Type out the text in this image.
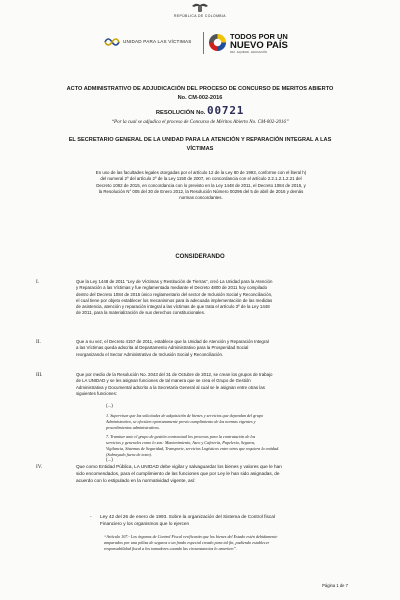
REPÚBLICA DE COLOMBIA
UNIDAD PARA LAS VÍCTIMAS
TODOS POR UN
NUEVO PAÍS
PAZ · EQUIDAD · EDUCACIÓN
ACTO ADMINISTRATIVO DE ADJUDICACIÓN DEL PROCESO DE CONCURSO DE MERITOS ABIERTO
No. CM-002-2016
RESOLUCIÓN No. 00721
“Por la cual se adjudica el proceso de Concurso de Méritos Abierto No. CM-002-2016”
EL SECRETARIO GENERAL DE LA UNIDAD PARA LA ATENCIÓN Y REPARACIÓN INTEGRAL A LAS
VÍCTIMAS
En uso de las facultades legales otorgadas por el artículo 12 de la Ley 80 de 1993, conforme con el literal h)
del numeral 2º del artículo 2º de la Ley 1150 de 2007, en concordancia con el artículo 2.2.1.2.1.2.21 del
Decreto 1082 de 2015, en concordancia con lo previsto en la Ley 1448 de 2011, el Decreto 1084 de 2015, y
la Resolución N° 005 del 30 de Enero 2012, la Resolución Número 00296 del 5 de abril de 2016 y demás
normas concordantes.
CONSIDERANDO
I.	Que la Ley 1448 de 2011 “Ley de Víctimas y Restitución de Tierras”, creó La Unidad para la Atención
y Reparación a las Víctimas y fue reglamentada mediante el Decreto 4800 de 2011 hoy compilado
dentro del Decreto 1084 de 2015 único reglamentario del sector de Inclusión Social y Reconciliación,
el cual tiene por objeto establecer los mecanismos para la adecuada implementación de las medidas
de asistencia, atención y reparación integral a las víctimas de que trata el artículo 3º de la Ley 1448
de 2011, para la materialización de sus derechos constitucionales.
II.	Que a su vez, el Decreto 4157 de 2011, establece que la Unidad de Atención y Reparación Integral
a las Víctimas queda adscrita al Departamento Administrativo para la Prosperidad Social
reorganizando el Sector Administrativo de Inclusión Social y Reconciliación.
III.	Que por medio de la Resolución No. 2043 del 31 de Octubre de 2012, se crean los grupos de trabajo
de LA UNIDAD y se les asignan funciones de tal manera que se crea el Grupo de Gestión
Administrativa y Documental adscrito a la Secretaría General al cual se le asignan entre otras las
siguientes funciones:
(...)
1. Supervisar que las solicitudes de adquisición de bienes y servicios que dependan del grupo
Administrativo, se efectúen oportunamente previo cumplimiento de las normas vigentes y
procedimientos administrativos.
7. Tramitar ante el grupo de gestión contractual los procesos para la contratación de los
servicios y generales como lo son: Mantenimiento, Aseo y Cafetería, Papelería, Seguros,
Vigilancia, Sistemas de Seguridad, Transporte, servicios Logísticos entre otros que requiera la entidad.
(Subrayado fuera de texto).
(...)
IV.	Que como Entidad Pública, LA UNIDAD debe vigilar y salvaguardar los bienes y valores que le han
sido encomendados, para el cumplimiento de las funciones que por Ley le han sido asignadas, de
acuerdo con lo estipulado en la normatividad vigente, así:
- Ley 42 del 26 de enero de 1993. Sobre la organización del Sistema de Control fiscal
Financiero y los organismos que lo ejercen
“Artículo 107.- Los órganos de Control Fiscal verificarán que los bienes del Estado estén debidamente
amparados por una póliza de seguros o un fondo especial creado para tal fin, pudiendo establecer
responsabilidad fiscal a los tomadores cuando las circunstancias lo ameriten”.
Página 1 de 7
